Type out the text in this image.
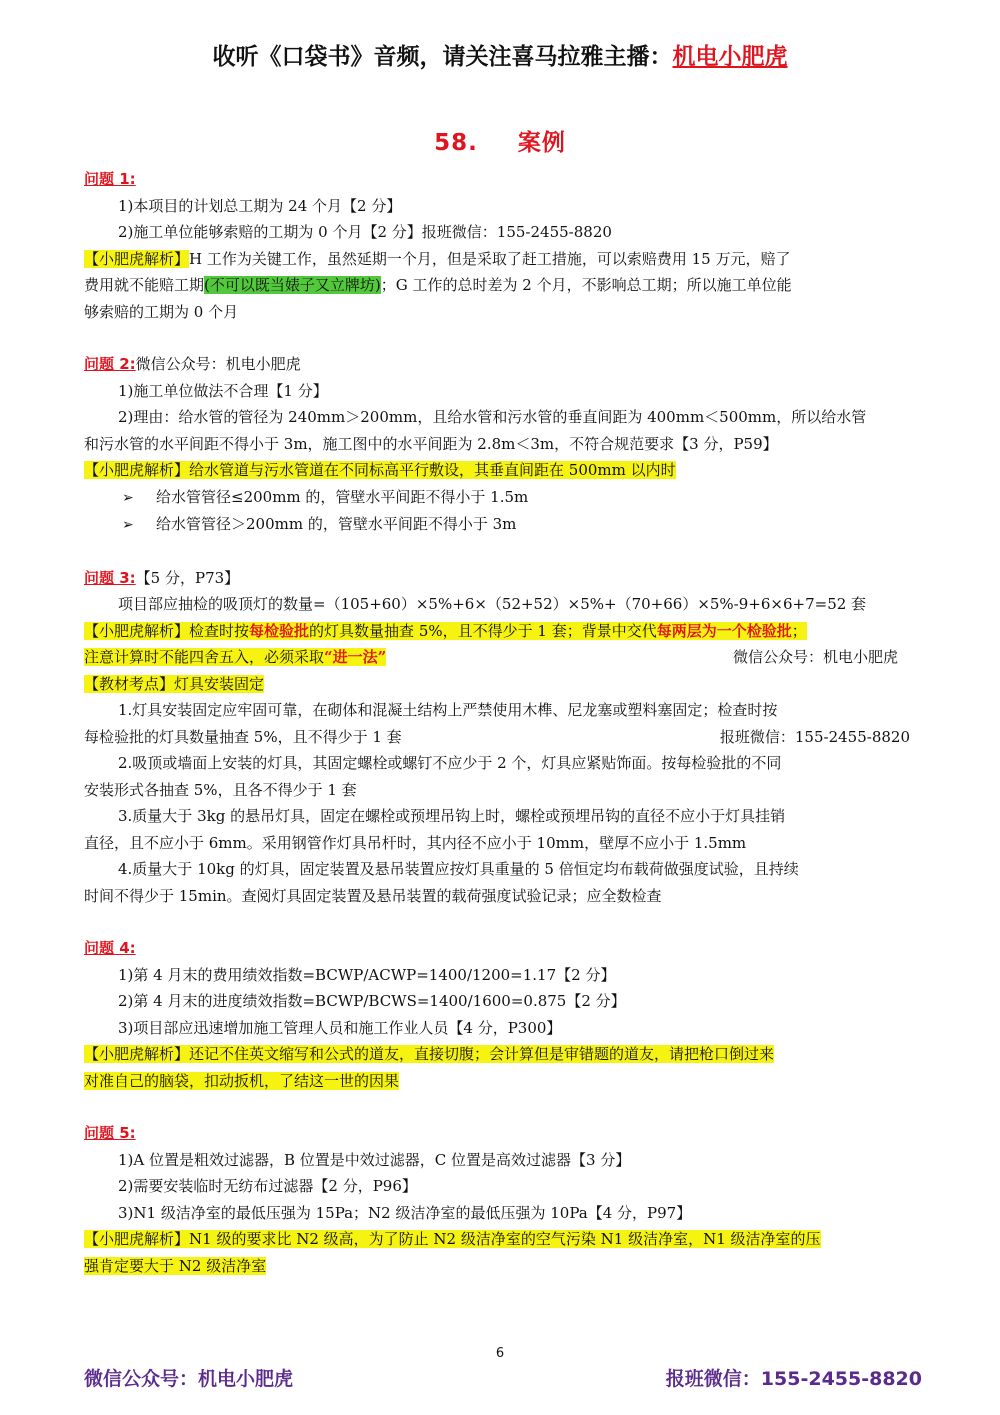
收听《口袋书》音频，请关注喜马拉雅主播：机电小肥虎
58. 案例
问题 1:
1)本项目的计划总工期为 24 个月【2 分】
2)施工单位能够索赔的工期为 0 个月【2 分】报班微信：155-2455-8820
【小肥虎解析】H 工作为关键工作，虽然延期一个月，但是采取了赶工措施，可以索赔费用 15 万元，赔了
费用就不能赔工期(不可以既当婊子又立牌坊)；G 工作的总时差为 2 个月，不影响总工期；所以施工单位能
够索赔的工期为 0 个月
问题 2:微信公众号：机电小肥虎
1)施工单位做法不合理【1 分】
2)理由：给水管的管径为 240mm＞200mm，且给水管和污水管的垂直间距为 400mm＜500mm，所以给水管
和污水管的水平间距不得小于 3m，施工图中的水平间距为 2.8m＜3m，不符合规范要求【3 分，P59】
【小肥虎解析】给水管道与污水管道在不同标高平行敷设，其垂直间距在 500mm 以内时
➢ 给水管管径≤200mm 的，管壁水平间距不得小于 1.5m
➢ 给水管管径＞200mm 的，管壁水平间距不得小于 3m
问题 3:【5 分，P73】
项目部应抽检的吸顶灯的数量=（105+60）×5%+6×（52+52）×5%+（70+66）×5%-9+6×6+7=52 套
【小肥虎解析】检查时按每检验批的灯具数量抽查 5%，且不得少于 1 套；背景中交代每两层为一个检验批；
注意计算时不能四舍五入，必须采取“进一法”	微信公众号：机电小肥虎
【教材考点】灯具安装固定
1.灯具安装固定应牢固可靠，在砌体和混凝土结构上严禁使用木榫、尼龙塞或塑料塞固定；检查时按
每检验批的灯具数量抽查 5%，且不得少于 1 套	报班微信：155-2455-8820
2.吸顶或墙面上安装的灯具，其固定螺栓或螺钉不应少于 2 个，灯具应紧贴饰面。按每检验批的不同
安装形式各抽查 5%，且各不得少于 1 套
3.质量大于 3kg 的悬吊灯具，固定在螺栓或预埋吊钩上时，螺栓或预埋吊钩的直径不应小于灯具挂销
直径，且不应小于 6mm。采用钢管作灯具吊杆时，其内径不应小于 10mm，壁厚不应小于 1.5mm
4.质量大于 10kg 的灯具，固定装置及悬吊装置应按灯具重量的 5 倍恒定均布载荷做强度试验，且持续
时间不得少于 15min。查阅灯具固定装置及悬吊装置的载荷强度试验记录；应全数检查
问题 4:
1)第 4 月末的费用绩效指数=BCWP/ACWP=1400/1200=1.17【2 分】
2)第 4 月末的进度绩效指数=BCWP/BCWS=1400/1600=0.875【2 分】
3)项目部应迅速增加施工管理人员和施工作业人员【4 分，P300】
【小肥虎解析】还记不住英文缩写和公式的道友，直接切腹；会计算但是审错题的道友，请把枪口倒过来
对准自己的脑袋，扣动扳机，了结这一世的因果
问题 5:
1)A 位置是粗效过滤器，B 位置是中效过滤器，C 位置是高效过滤器【3 分】
2)需要安装临时无纺布过滤器【2 分，P96】
3)N1 级洁净室的最低压强为 15Pa；N2 级洁净室的最低压强为 10Pa【4 分，P97】
【小肥虎解析】N1 级的要求比 N2 级高，为了防止 N2 级洁净室的空气污染 N1 级洁净室，N1 级洁净室的压
强肯定要大于 N2 级洁净室
6
微信公众号：机电小肥虎	报班微信：155-2455-8820
